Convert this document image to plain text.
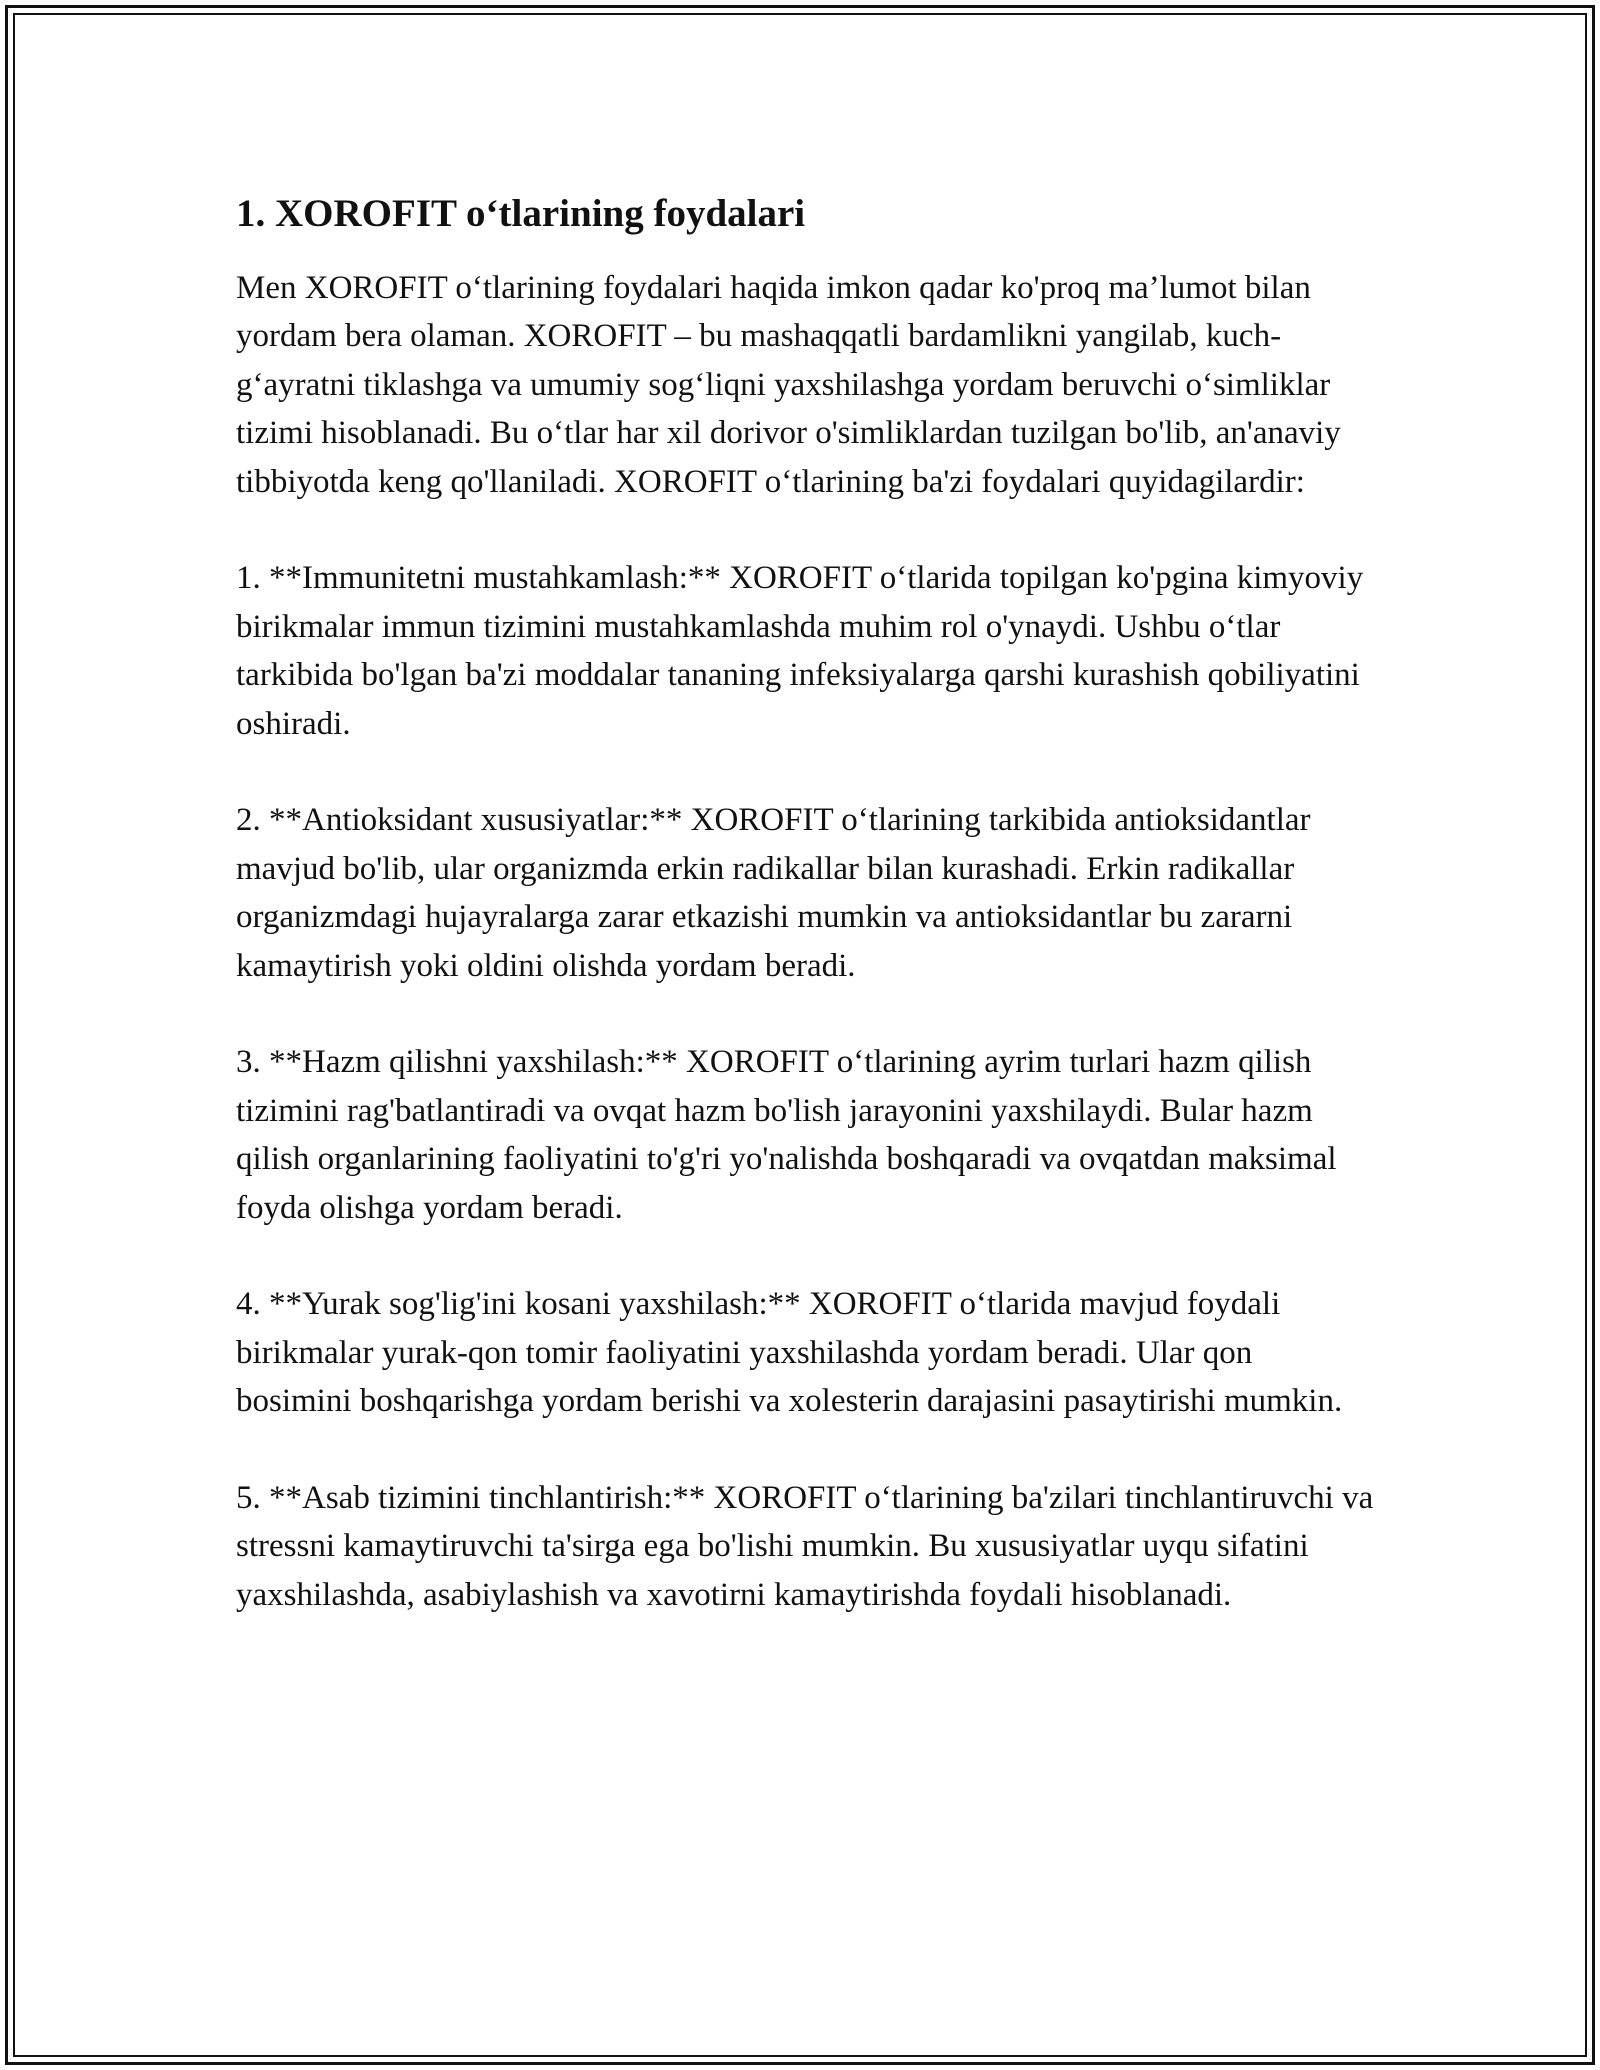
1. XOROFIT o‘tlarining foydalari

Men XOROFIT o‘tlarining foydalari haqida imkon qadar ko'proq ma’lumot bilan yordam bera olaman. XOROFIT – bu mashaqqatli bardamlikni yangilab, kuch-g‘ayratni tiklashga va umumiy sog‘liqni yaxshilashga yordam beruvchi o‘simliklar tizimi hisoblanadi. Bu o‘tlar har xil dorivor o'simliklardan tuzilgan bo'lib, an'anaviy tibbiyotda keng qo'llaniladi. XOROFIT o‘tlarining ba'zi foydalari quyidagilardir:

1. **Immunitetni mustahkamlash:** XOROFIT o‘tlarida topilgan ko'pgina kimyoviy birikmalar immun tizimini mustahkamlashda muhim rol o'ynaydi. Ushbu o‘tlar tarkibida bo'lgan ba'zi moddalar tananing infeksiyalarga qarshi kurashish qobiliyatini oshiradi.

2. **Antioksidant xususiyatlar:** XOROFIT o‘tlarining tarkibida antioksidantlar mavjud bo'lib, ular organizmda erkin radikallar bilan kurashadi. Erkin radikallar organizmdagi hujayralarga zarar etkazishi mumkin va antioksidantlar bu zararni kamaytirish yoki oldini olishda yordam beradi.

3. **Hazm qilishni yaxshilash:** XOROFIT o‘tlarining ayrim turlari hazm qilish tizimini rag'batlantiradi va ovqat hazm bo'lish jarayonini yaxshilaydi. Bular hazm qilish organlarining faoliyatini to'g'ri yo'nalishda boshqaradi va ovqatdan maksimal foyda olishga yordam beradi.

4. **Yurak sog'lig'ini kosani yaxshilash:** XOROFIT o‘tlarida mavjud foydali birikmalar yurak-qon tomir faoliyatini yaxshilashda yordam beradi. Ular qon bosimini boshqarishga yordam berishi va xolesterin darajasini pasaytirishi mumkin.

5. **Asab tizimini tinchlantirish:** XOROFIT o‘tlarining ba'zilari tinchlantiruvchi va stressni kamaytiruvchi ta'sirga ega bo'lishi mumkin. Bu xususiyatlar uyqu sifatini yaxshilashda, asabiylashish va xavotirni kamaytirishda foydali hisoblanadi.
